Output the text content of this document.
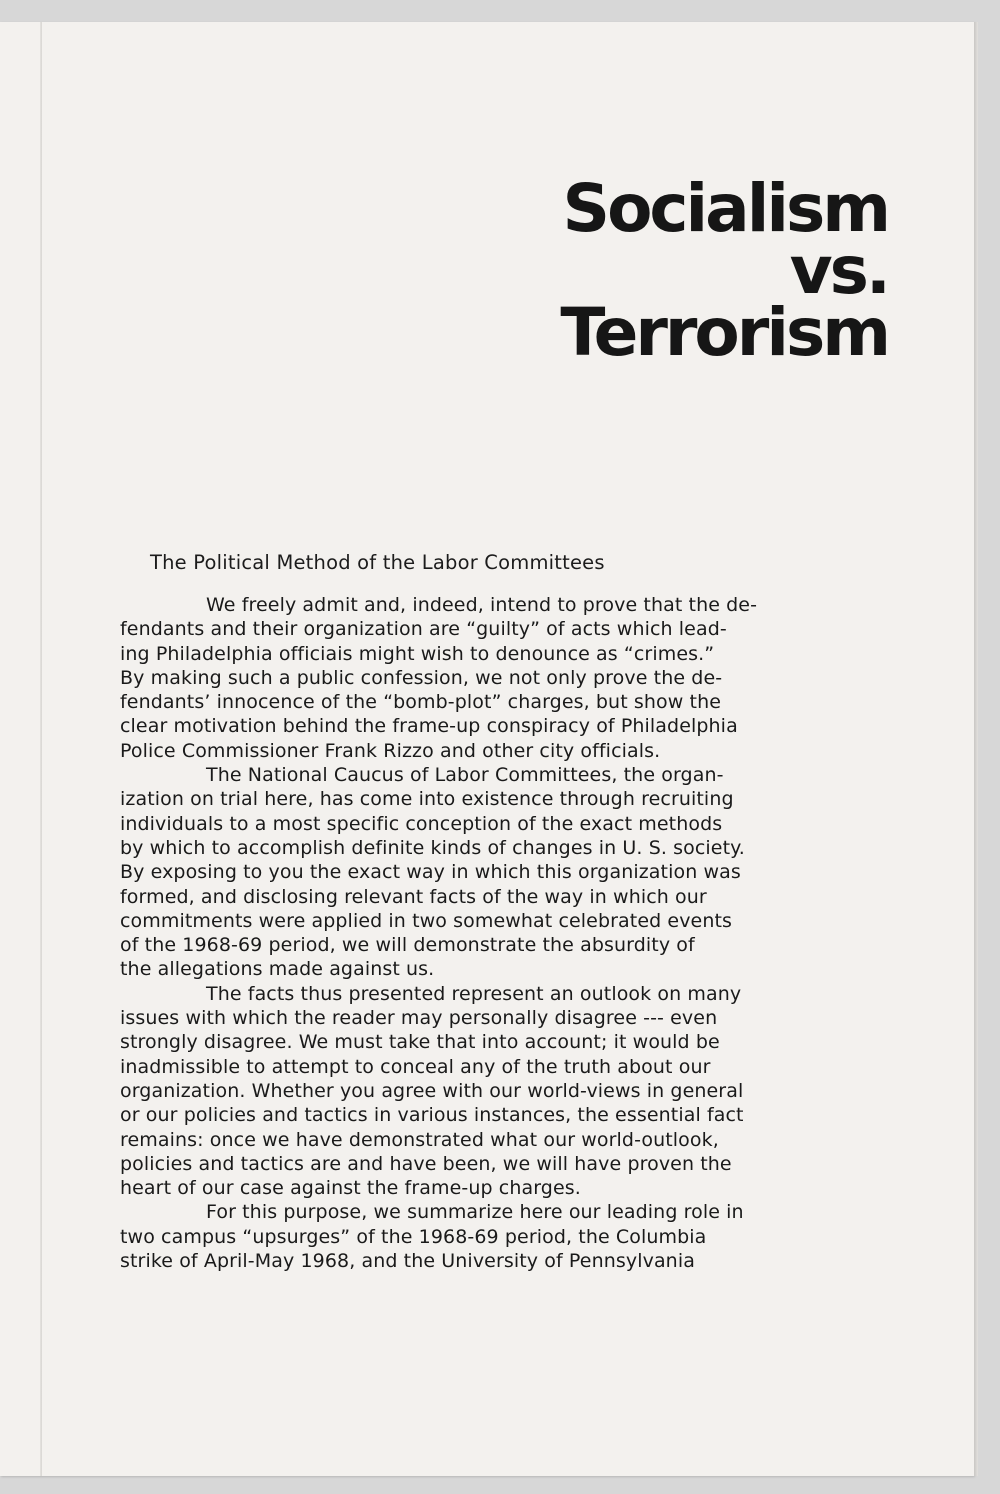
Socialism
vs.
Terrorism
The Political Method of the Labor Committees

We freely admit and, indeed, intend to prove that the de-
fendants and their organization are “guilty” of acts which lead-
ing Philadelphia officiais might wish to denounce as “crimes.”
By making such a public confession, we not only prove the de-
fendants’ innocence of the “bomb-plot” charges, but show the
clear motivation behind the frame-up conspiracy of Philadelphia
Police Commissioner Frank Rizzo and other city officials.

The National Caucus of Labor Committees, the organ-
ization on trial here, has come into existence through recruiting
individuals to a most specific conception of the exact methods
by which to accomplish definite kinds of changes in U. S. society.
By exposing to you the exact way in which this organization was
formed, and disclosing relevant facts of the way in which our
commitments were applied in two somewhat celebrated events
of the 1968-69 period, we will demonstrate the absurdity of
the allegations made against us.

The facts thus presented represent an outlook on many
issues with which the reader may personally disagree --- even
strongly disagree. We must take that into account; it would be
inadmissible to attempt to conceal any of the truth about our
organization. Whether you agree with our world-views in general
or our policies and tactics in various instances, the essential fact
remains: once we have demonstrated what our world-outlook,
policies and tactics are and have been, we will have proven the
heart of our case against the frame-up charges.

For this purpose, we summarize here our leading role in
two campus “upsurges” of the 1968-69 period, the Columbia
strike of April-May 1968, and the University of Pennsylvania
